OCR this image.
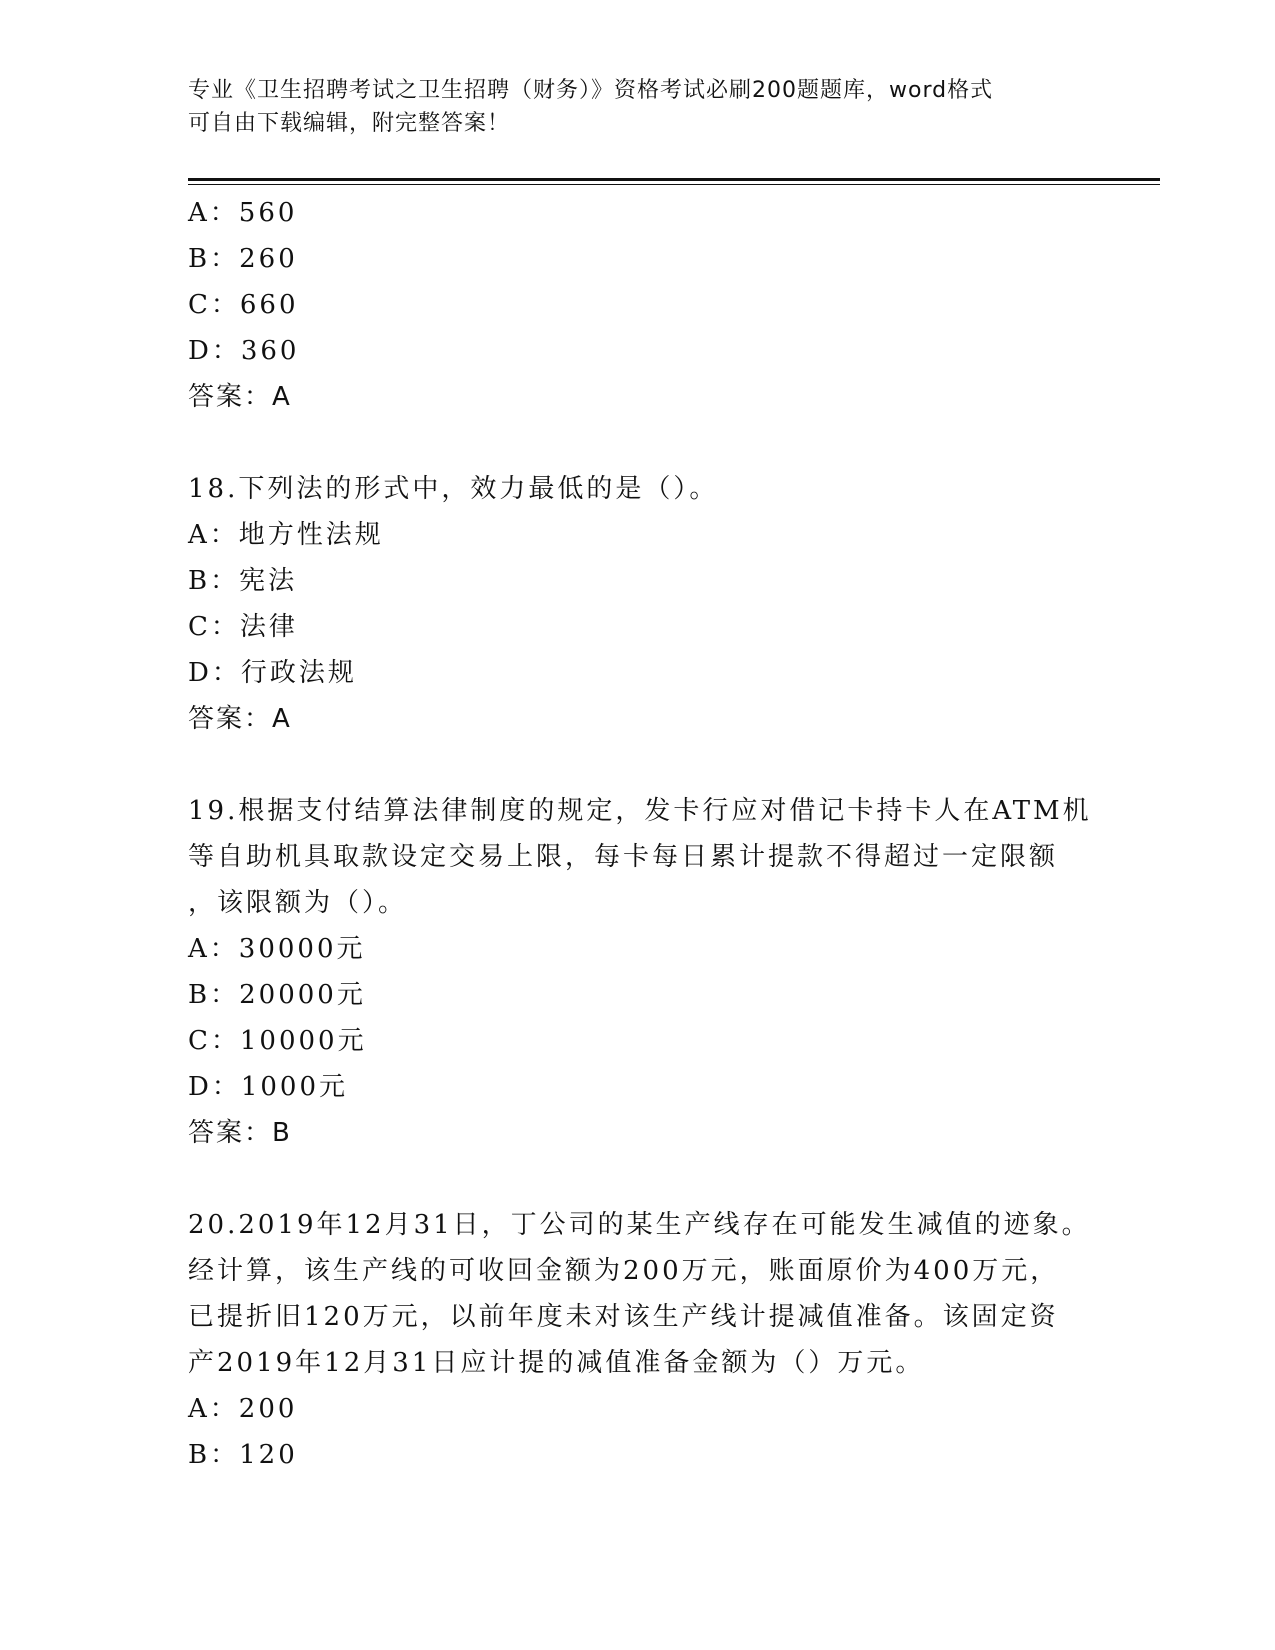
专业《卫生招聘考试之卫生招聘（财务）》资格考试必刷200题题库，word格式
可自由下载编辑，附完整答案！
A：560
B：260
C：660
D：360
答案：A
18.下列法的形式中，效力最低的是（）。
A：地方性法规
B：宪法
C：法律
D：行政法规
答案：A
19.根据支付结算法律制度的规定，发卡行应对借记卡持卡人在ATM机
等自助机具取款设定交易上限，每卡每日累计提款不得超过一定限额
，该限额为（）。
A：30000元
B：20000元
C：10000元
D：1000元
答案：B
20.2019年12月31日，丁公司的某生产线存在可能发生减值的迹象。
经计算，该生产线的可收回金额为200万元，账面原价为400万元，
已提折旧120万元，以前年度未对该生产线计提减值准备。该固定资
产2019年12月31日应计提的减值准备金额为（）万元。
A：200
B：120
